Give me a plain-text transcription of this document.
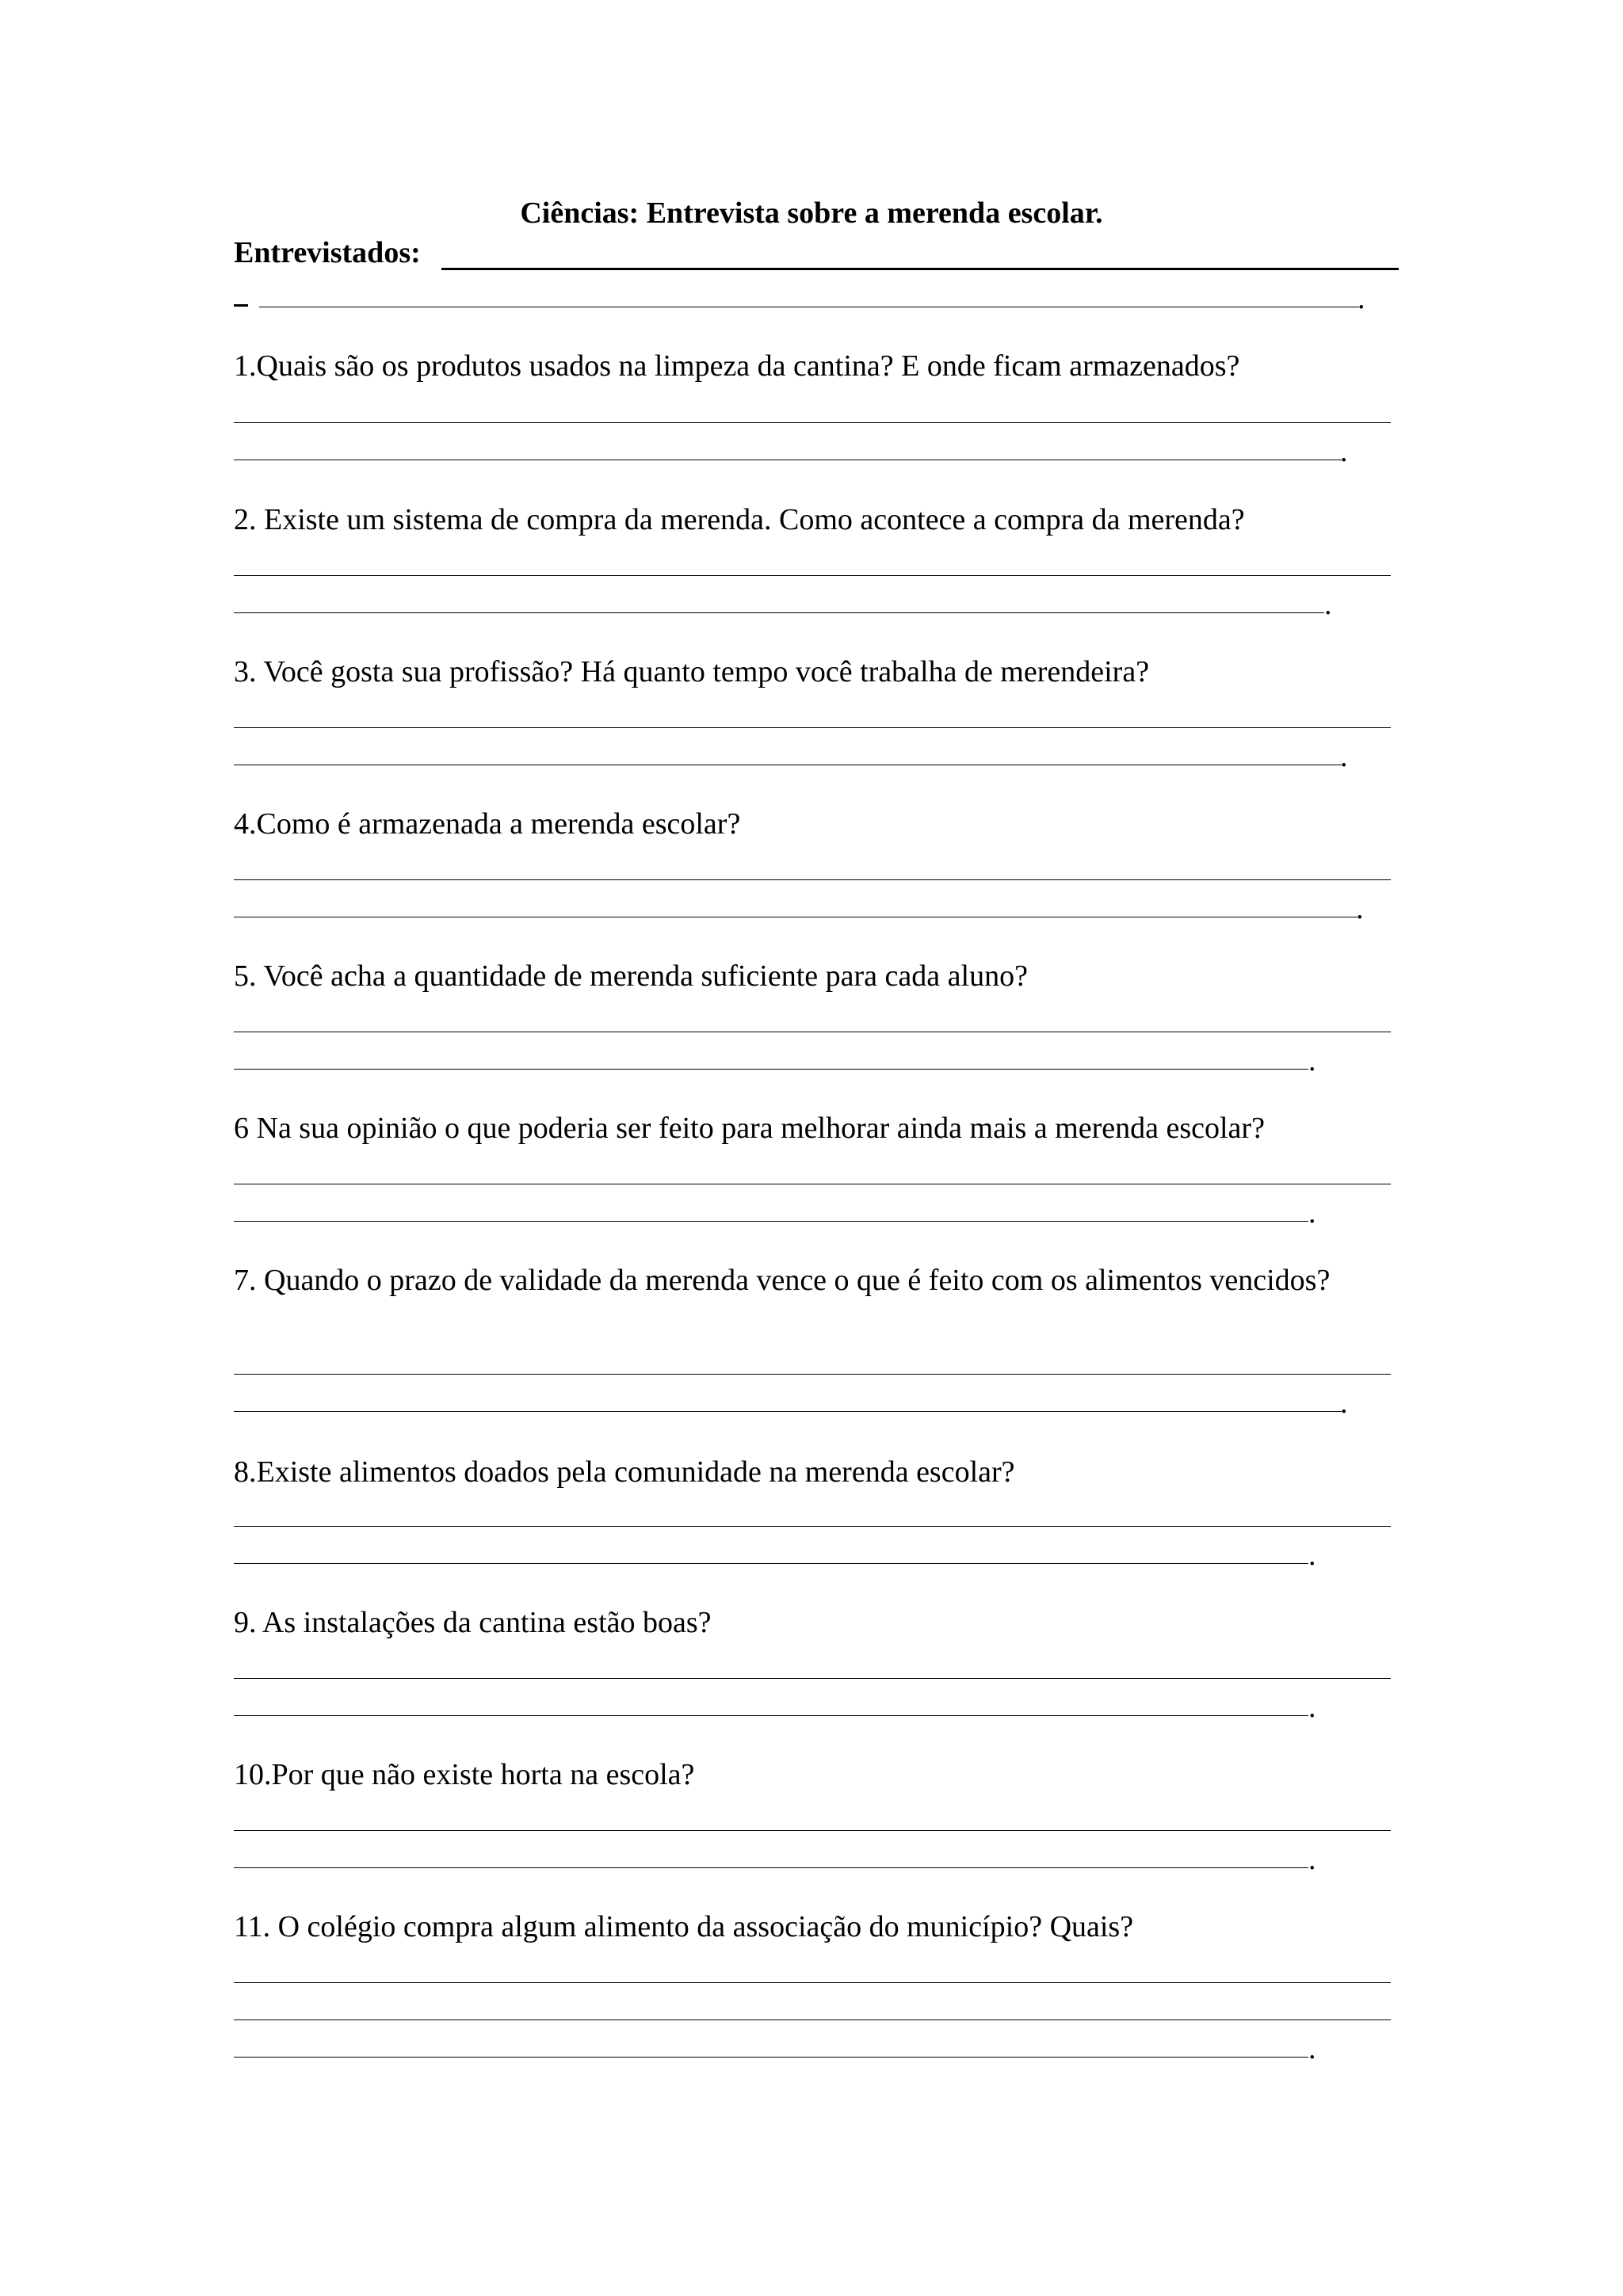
Ciências: Entrevista sobre a merenda escolar.
Entrevistados:
.
1.Quais são os produtos usados na limpeza da cantina? E onde ficam armazenados?
.
2. Existe um sistema de compra da merenda. Como acontece a compra da merenda?
.
3. Você gosta sua profissão? Há quanto tempo você trabalha de merendeira?
.
4.Como é armazenada a merenda escolar?
.
5. Você acha a quantidade de merenda suficiente para cada aluno?
.
6 Na sua opinião o que poderia ser feito para melhorar ainda mais a merenda escolar?
.
7. Quando o prazo de validade da merenda vence o que é feito com os alimentos vencidos?
.
8.Existe alimentos doados pela comunidade na merenda escolar?
.
9. As instalações da cantina estão boas?
.
10.Por que não existe horta na escola?
.
11. O colégio compra algum alimento da associação do município? Quais?
.
